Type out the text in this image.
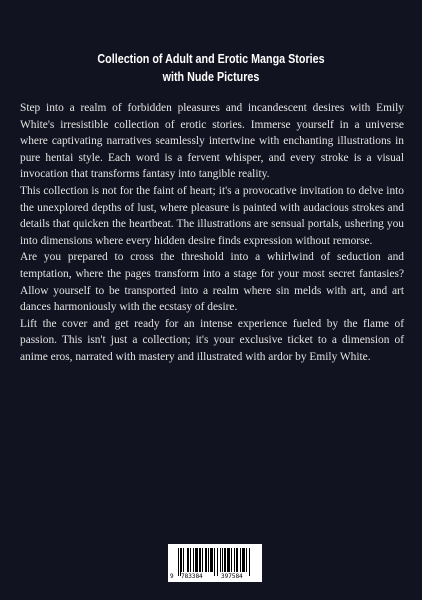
Collection of Adult and Erotic Manga Stories
with Nude Pictures

Step into a realm of forbidden pleasures and incandescent desires with Emily White's irresistible collection of erotic stories. Immerse yourself in a universe where captivating narratives seamlessly intertwine with enchanting illustrations in pure hentai style. Each word is a fervent whisper, and every stroke is a visual invocation that transforms fantasy into tangible reality.

This collection is not for the faint of heart; it's a provocative invitation to delve into the unexplored depths of lust, where pleasure is painted with audacious strokes and details that quicken the heartbeat. The illustrations are sensual portals, ushering you into dimensions where every hidden desire finds expression without remorse.

Are you prepared to cross the threshold into a whirlwind of seduction and temptation, where the pages transform into a stage for your most secret fantasies? Allow yourself to be transported into a realm where sin melds with art, and art dances harmoniously with the ecstasy of desire.

Lift the cover and get ready for an intense experience fueled by the flame of passion. This isn't just a collection; it's your exclusive ticket to a dimension of anime eros, narrated with mastery and illustrated with ardor by Emily White.

9 783384	397584
